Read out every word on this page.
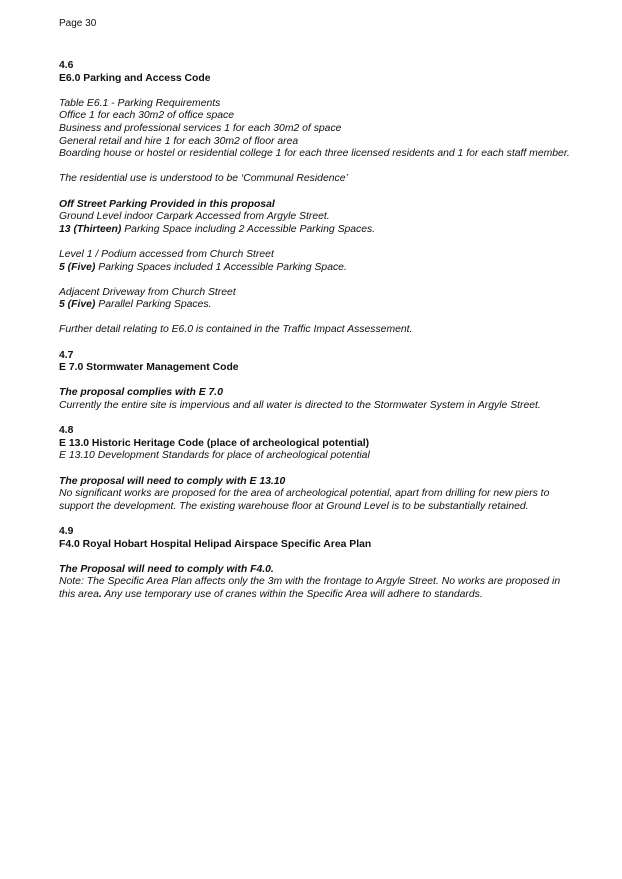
Page 30

4.6

E6.0 Parking and Access Code

Table E6.1 - Parking Requirements

Office 1 for each 30m2 of office space

Business and professional services 1 for each 30m2 of space

General retail and hire 1 for each 30m2 of floor area

Boarding house or hostel or residential college 1 for each three licensed residents and 1 for each staff member.

The residential use is understood to be ‘Communal Residence’

Off Street Parking Provided in this proposal

Ground Level indoor Carpark Accessed from Argyle Street.

13 (Thirteen) Parking Space including 2 Accessible Parking Spaces.

Level 1 / Podium accessed from Church Street

5 (Five) Parking Spaces included 1 Accessible Parking Space.

Adjacent Driveway from Church Street

5 (Five) Parallel Parking Spaces.

Further detail relating to E6.0 is contained in the Traffic Impact Assessement.

4.7

E 7.0 Stormwater Management Code

The proposal complies with E 7.0

Currently the entire site is impervious and all water is directed to the Stormwater System in Argyle Street.

4.8

E 13.0 Historic Heritage Code (place of archeological potential)

E 13.10 Development Standards for place of archeological potential

The proposal will need to comply with E 13.10

No significant works are proposed for the area of archeological potential, apart from drilling for new piers to support the development. The existing warehouse floor at Ground Level is to be substantially retained.

4.9

F4.0 Royal Hobart Hospital Helipad Airspace Specific Area Plan

The Proposal will need to comply with F4.0.

Note: The Specific Area Plan affects only the 3m with the frontage to Argyle Street. No works are proposed in this area. Any use temporary use of cranes within the Specific Area will adhere to standards.
